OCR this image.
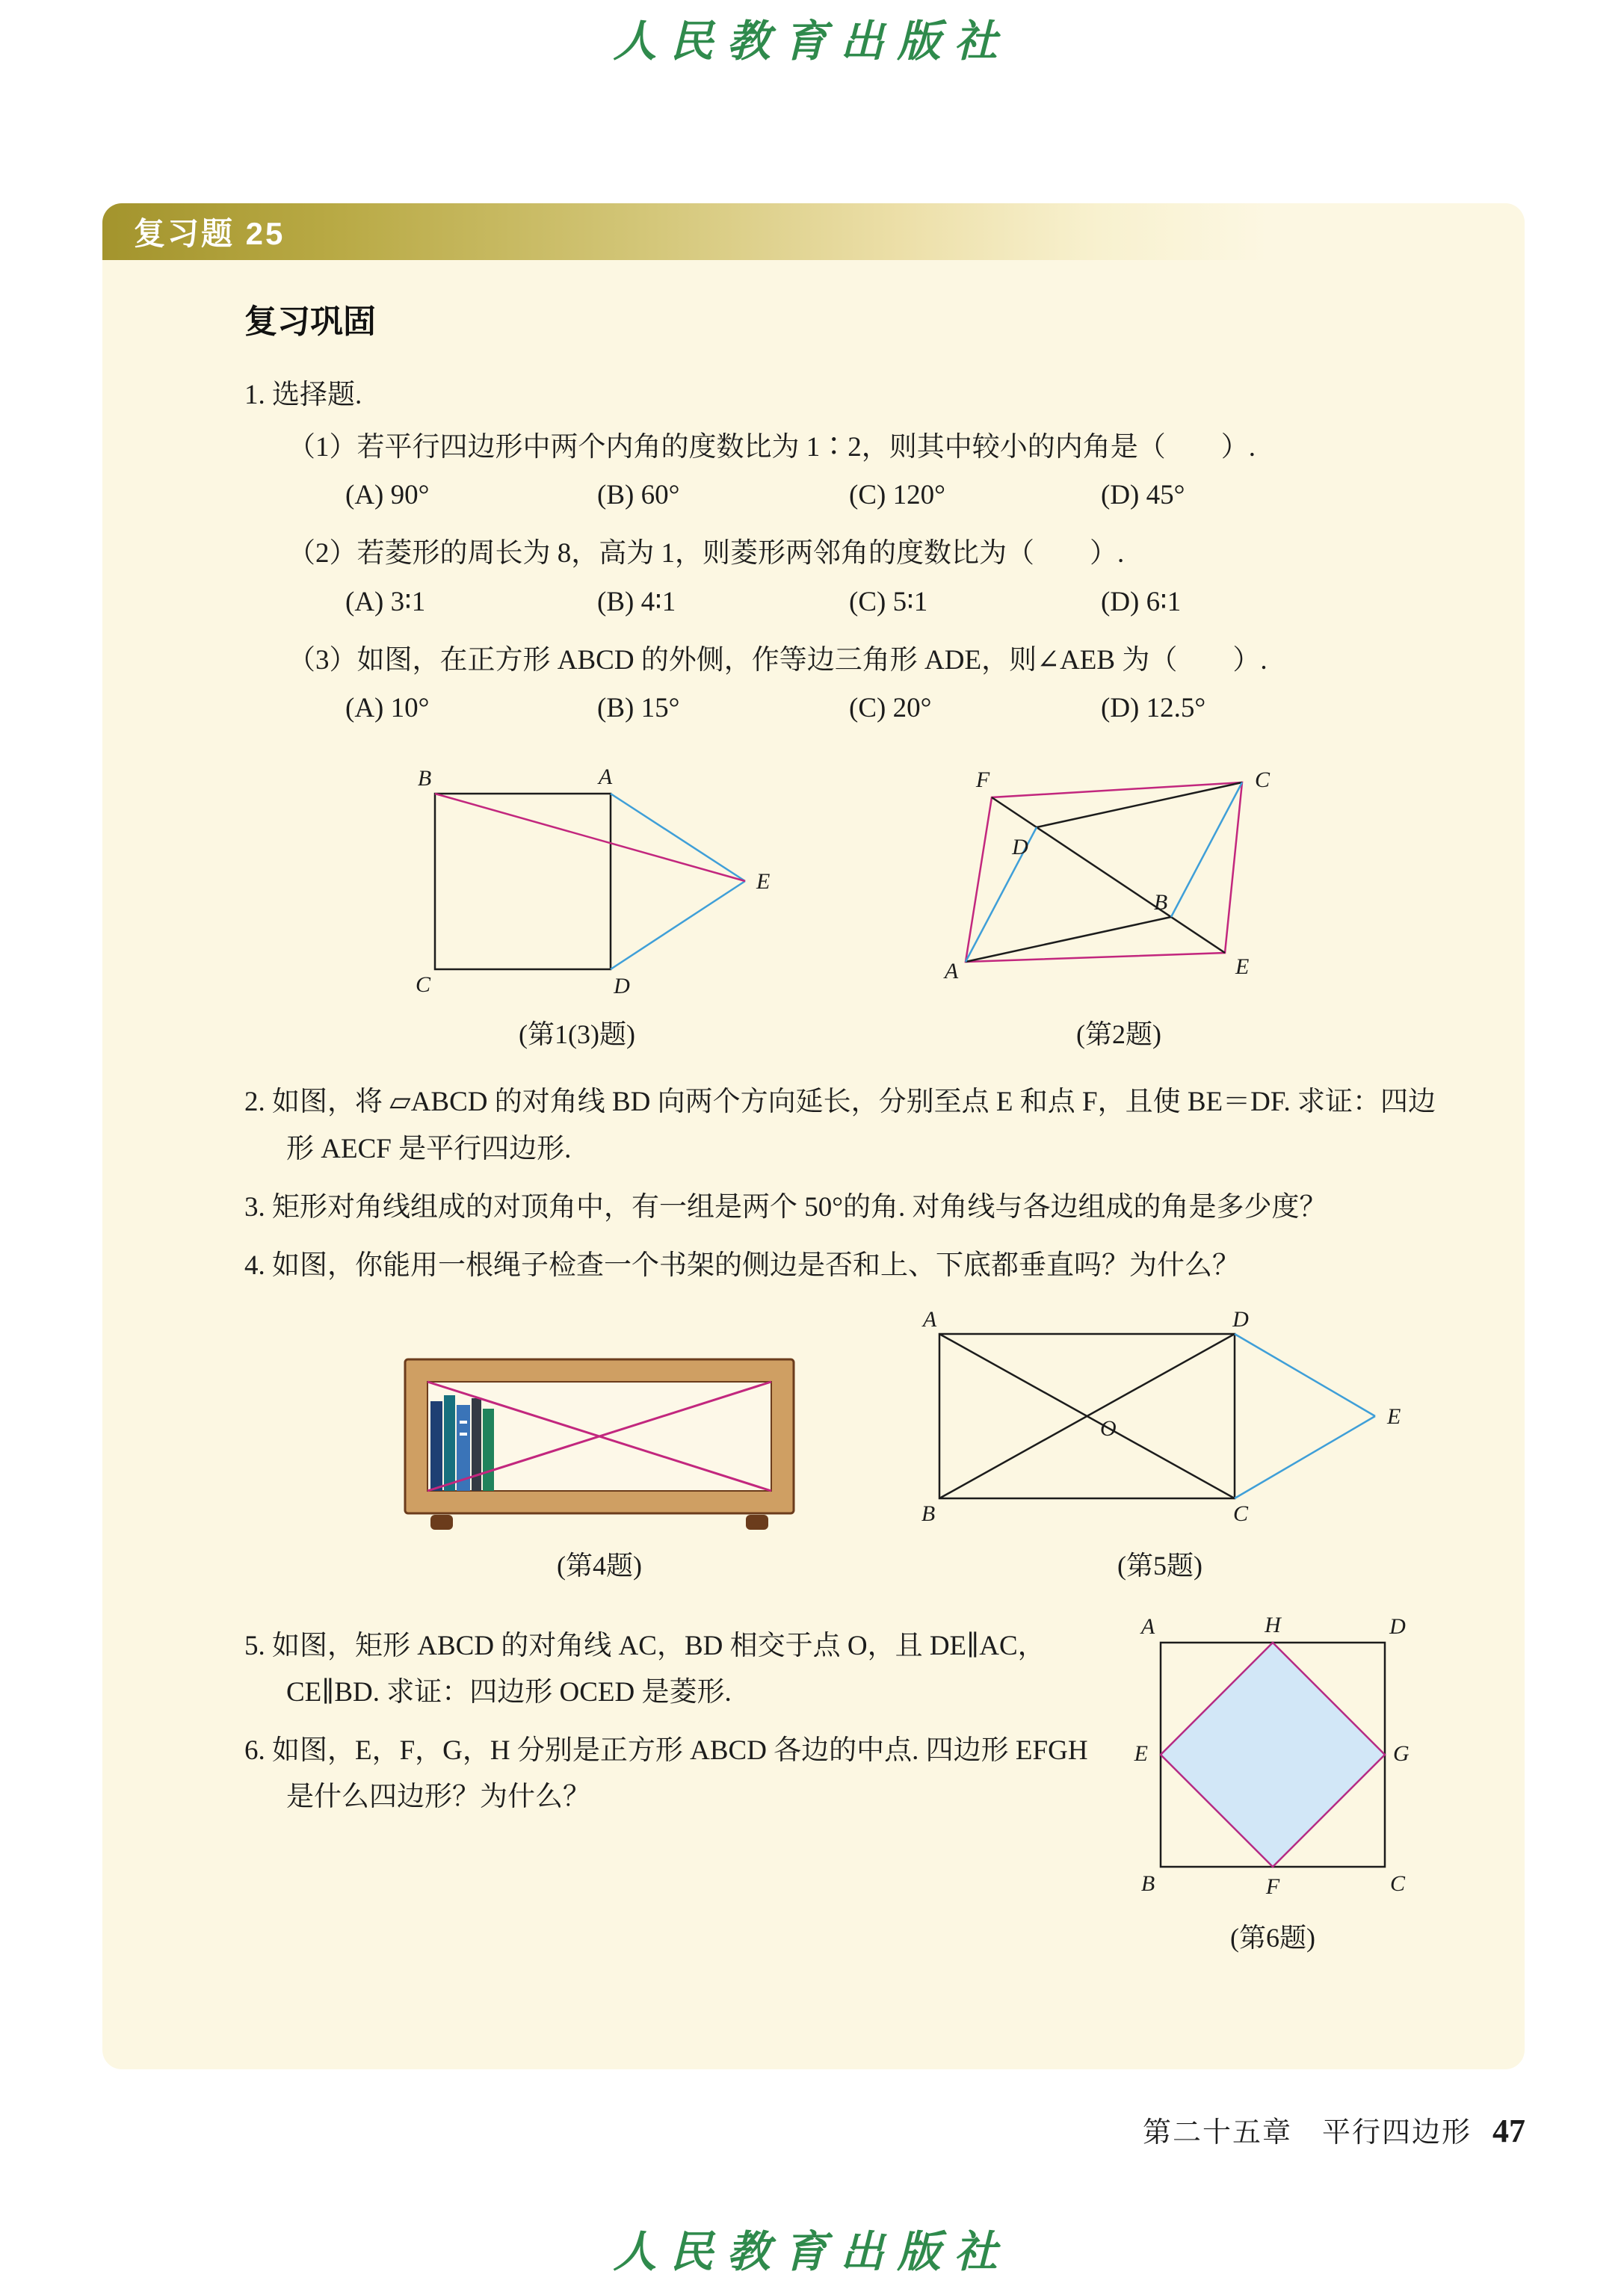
人民教育出版社
复习题 25
复习巩固

1. 选择题.

（1）若平行四边形中两个内角的度数比为 1∶2，则其中较小的内角是（　　）.

(A) 90°	(B) 60°	(C) 120°	(D) 45°

（2）若菱形的周长为 8，高为 1，则菱形两邻角的度数比为（　　）.

(A) 3∶1	(B) 4∶1	(C) 5∶1	(D) 6∶1

（3）如图，在正方形 ABCD 的外侧，作等边三角形 ADE，则∠AEB 为（　　）.

(A) 10°	(B) 15°	(C) 20°	(D) 12.5°
B	A
C	D
E
(第1(3)题)
F
D
C
B
A	E
(第2题)

2. 如图，将 ▱ABCD 的对角线 BD 向两个方向延长，分别至点 E 和点 F，且使 BE＝DF. 求证：四边形 AECF 是平行四边形.

3. 矩形对角线组成的对顶角中，有一组是两个 50°的角. 对角线与各边组成的角是多少度？

4. 如图，你能用一根绳子检查一个书架的侧边是否和上、下底都垂直吗？为什么？

(第4题)
A	D
B	C
O	E
(第5题)

5. 如图，矩形 ABCD 的对角线 AC，BD 相交于点 O，且 DE∥AC，CE∥BD. 求证：四边形 OCED 是菱形.

6. 如图，E，F，G，H 分别是正方形 ABCD 各边的中点. 四边形 EFGH 是什么四边形？为什么？

A	H	D
E	G
B	F	C
(第6题)
第二十五章　平行四边形 47
人民教育出版社
